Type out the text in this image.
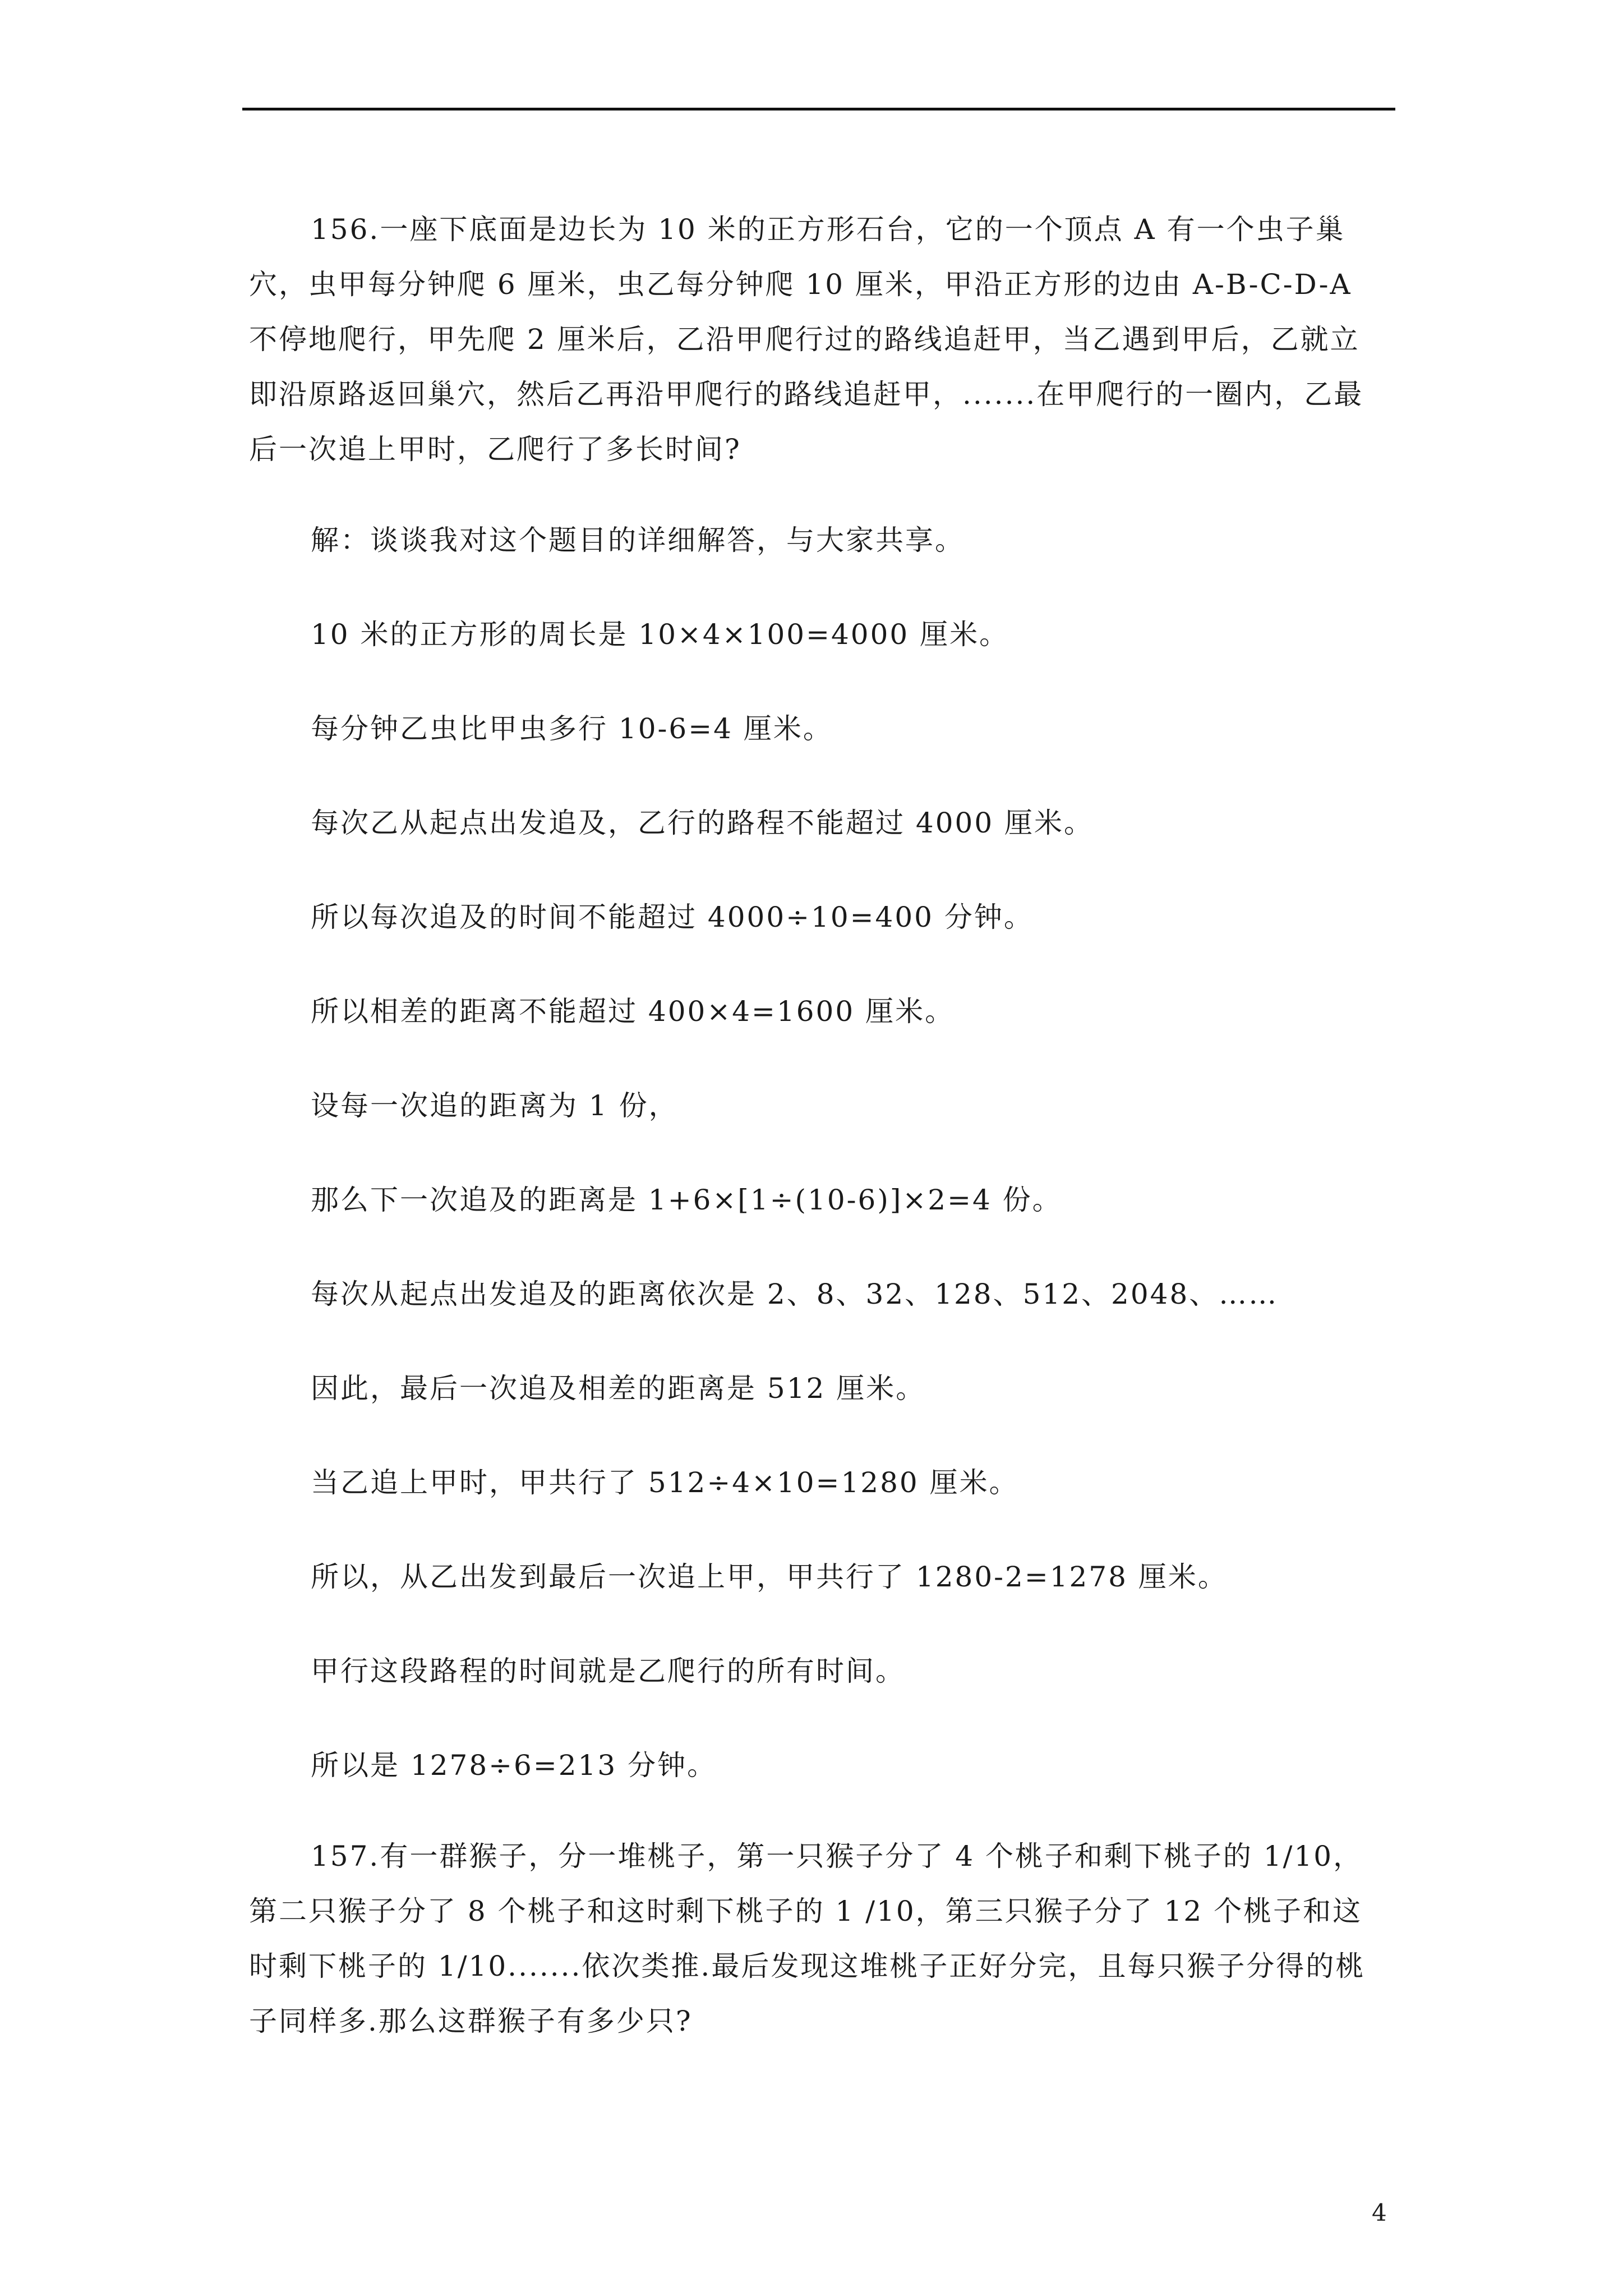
156.一座下底面是边长为 10 米的正方形石台，它的一个顶点 A 有一个虫子巢穴，虫甲每分钟爬 6 厘米，虫乙每分钟爬 10 厘米，甲沿正方形的边由 A-B-C-D-A 不停地爬行，甲先爬 2 厘米后，乙沿甲爬行过的路线追赶甲，当乙遇到甲后，乙就立即沿原路返回巢穴，然后乙再沿甲爬行的路线追赶甲，.......在甲爬行的一圈内，乙最后一次追上甲时，乙爬行了多长时间?

解：谈谈我对这个题目的详细解答，与大家共享。

10 米的正方形的周长是 10×4×100=4000 厘米。

每分钟乙虫比甲虫多行 10-6=4 厘米。

每次乙从起点出发追及，乙行的路程不能超过 4000 厘米。

所以每次追及的时间不能超过 4000÷10=400 分钟。

所以相差的距离不能超过 400×4=1600 厘米。

设每一次追的距离为 1 份，

那么下一次追及的距离是 1+6×[1÷(10-6)]×2=4 份。

每次从起点出发追及的距离依次是 2、8、32、128、512、2048、……

因此，最后一次追及相差的距离是 512 厘米。

当乙追上甲时，甲共行了 512÷4×10=1280 厘米。

所以，从乙出发到最后一次追上甲，甲共行了 1280-2=1278 厘米。

甲行这段路程的时间就是乙爬行的所有时间。

所以是 1278÷6=213 分钟。

157.有一群猴子，分一堆桃子，第一只猴子分了 4 个桃子和剩下桃子的 1/10，第二只猴子分了 8 个桃子和这时剩下桃子的 1 /10，第三只猴子分了 12 个桃子和这时剩下桃子的 1/10.......依次类推.最后发现这堆桃子正好分完，且每只猴子分得的桃子同样多.那么这群猴子有多少只?

4
